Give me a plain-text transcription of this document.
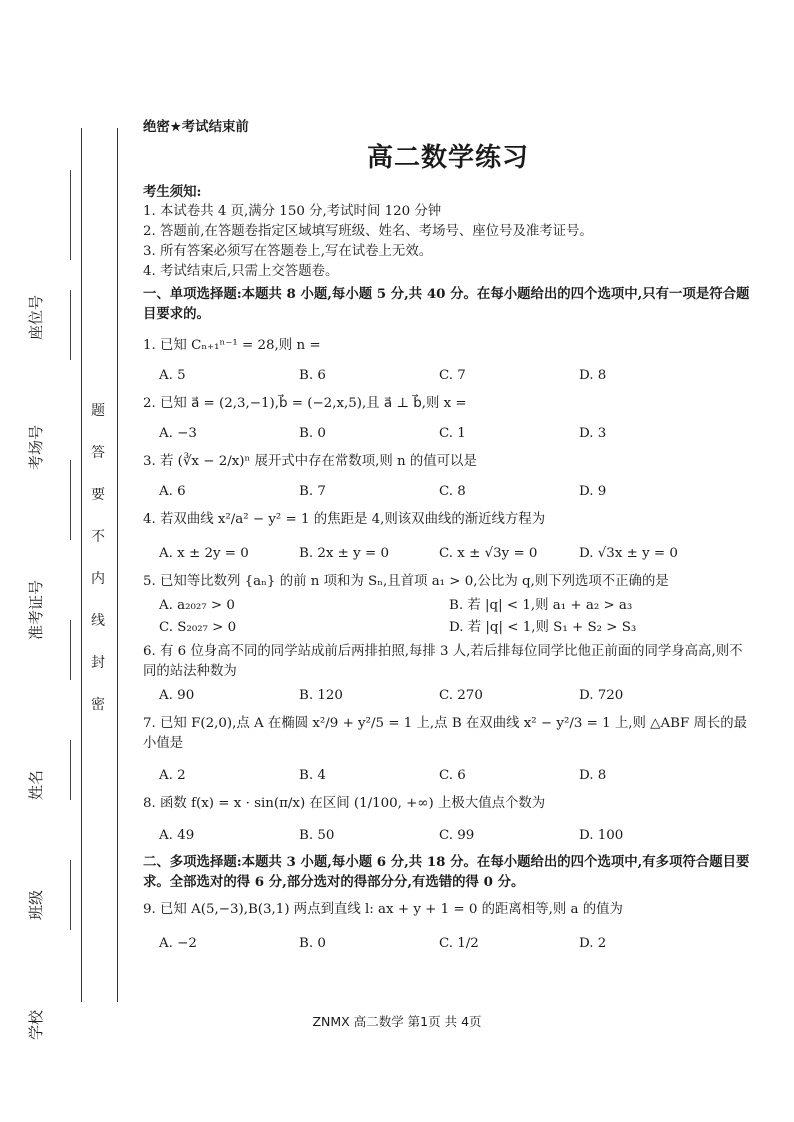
座位号
考场号
准考证号
姓名
班级
学校
题
答
要
不
内
线
封
密
绝密★考试结束前
高二数学练习
考生须知:
1. 本试卷共 4 页,满分 150 分,考试时间 120 分钟
2. 答题前,在答题卷指定区域填写班级、姓名、考场号、座位号及准考证号。
3. 所有答案必须写在答题卷上,写在试卷上无效。
4. 考试结束后,只需上交答题卷。
一、单项选择题:本题共 8 小题,每小题 5 分,共 40 分。在每小题给出的四个选项中,只有一项是符合题目要求的。
1. 已知 Cₙ₊₁ⁿ⁻¹ = 28,则 n =
A. 5	B. 6	C. 7	D. 8
2. 已知 a⃗ = (2,3,−1),b⃗ = (−2,x,5),且 a⃗ ⊥ b⃗,则 x =
A. −3	B. 0	C. 1	D. 3
3. 若 (∛x − 2/x)ⁿ 展开式中存在常数项,则 n 的值可以是
A. 6	B. 7	C. 8	D. 9
4. 若双曲线 x²/a² − y² = 1 的焦距是 4,则该双曲线的渐近线方程为
A. x ± 2y = 0	B. 2x ± y = 0	C. x ± √3y = 0	D. √3x ± y = 0
5. 已知等比数列 {aₙ} 的前 n 项和为 Sₙ,且首项 a₁ > 0,公比为 q,则下列选项不正确的是
A. a₂₀₂₇ > 0	B. 若 |q| < 1,则 a₁ + a₂ > a₃
C. S₂₀₂₇ > 0	D. 若 |q| < 1,则 S₁ + S₂ > S₃
6. 有 6 位身高不同的同学站成前后两排拍照,每排 3 人,若后排每位同学比他正前面的同学身高高,则不同的站法种数为
A. 90	B. 120	C. 270	D. 720
7. 已知 F(2,0),点 A 在椭圆 x²/9 + y²/5 = 1 上,点 B 在双曲线 x² − y²/3 = 1 上,则 △ABF 周长的最小值是
A. 2	B. 4	C. 6	D. 8
8. 函数 f(x) = x · sin(π/x) 在区间 (1/100, +∞) 上极大值点个数为
A. 49	B. 50	C. 99	D. 100
二、多项选择题:本题共 3 小题,每小题 6 分,共 18 分。在每小题给出的四个选项中,有多项符合题目要求。全部选对的得 6 分,部分选对的得部分分,有选错的得 0 分。
9. 已知 A(5,−3),B(3,1) 两点到直线 l: ax + y + 1 = 0 的距离相等,则 a 的值为
A. −2	B. 0	C. 1/2	D. 2
ZNMX 高二数学 第1页 共 4页
